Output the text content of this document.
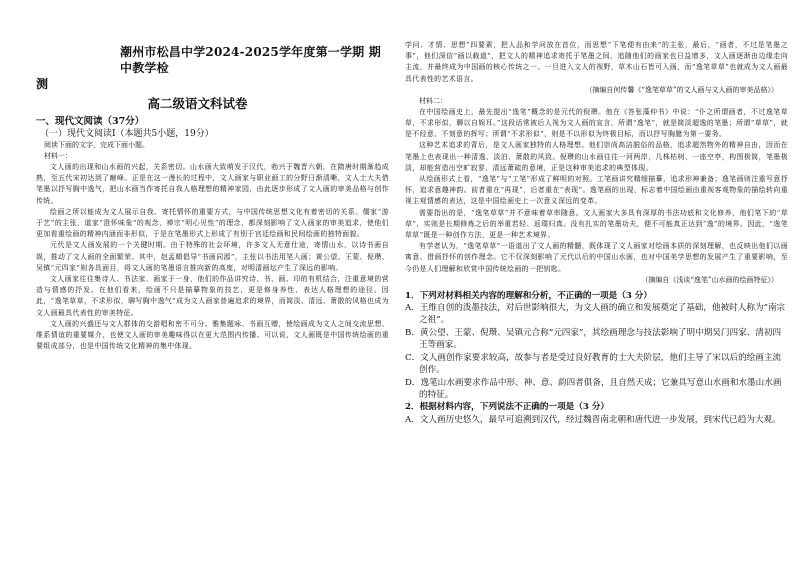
潮州市松昌中学2024-2025学年度第一学期 期中教学检
测
高二级语文科试卷
一、现代文阅读（37分）
（一）现代文阅读Ⅰ（本题共5小题，19分）
阅读下面的文字，完成下面小题。
材料一：
文人画的出现和山水画的兴起，关系密切。山水画大致萌发于汉代，勃兴于魏晋六朝，在隋唐时期渐趋成熟，至五代宋初达到了巅峰。正是在这一漫长的过程中，文人画家与职业画工的分野日渐清晰，文人士大夫借笔墨以抒写胸中逸气，把山水画当作寄托自我人格理想的精神家园，由此逐步形成了文人画的审美品格与创作传统。
绘画之所以能成为文人展示自我、寄托情怀的重要方式，与中国传统思想文化有着密切的关系。儒家“游于艺”的主张，道家“澄怀味象”的观念，禅宗“明心见性”的理念，都深刻影响了文人画家的审美追求，使他们更加看重绘画的精神内涵而非形似，于是在笔墨形式上形成了有别于宫廷绘画和民间绘画的独特面貌。
元代是文人画发展的一个关键时期。由于特殊的社会环境，许多文人无意仕途，寄情山水，以诗书画自娱，推动了文人画的全面繁荣。其中，赵孟頫倡导“书画同源”，主张以书法用笔入画；黄公望、王蒙、倪瓒、吴镇“元四家”则各具面目，将文人画的笔墨语言推向新的高度，对明清画坛产生了深远的影响。
文人画家往往集诗人、书法家、画家于一身，他们的作品讲究诗、书、画、印的有机结合，注重意境的营造与情感的抒发。在他们看来，绘画不只是描摹物象的技艺，更是修身养性、表达人格理想的途径。因此，“逸笔草草，不求形似，聊写胸中逸气”成为文人画家普遍追求的境界，而简淡、清远、萧散的风格也成为文人画最具代表性的审美特征。
文人画的兴盛还与文人群体的交游唱和密不可分。雅集题咏、书画互赠，使绘画成为文人之间交流思想、维系情谊的重要媒介，也使文人画的审美趣味得以在更大范围内传播。可以说，文人画既是中国传统绘画的重要组成部分，也是中国传统文化精神的集中体现。
学问、才情、思想”四要素，把人品和学问放在首位，而思想“下笔便有由来”的主张，最后，“画者，不过是笔墨之事”，他们深信“画以载道”，把文人的精神追求寄托于笔墨之间，追随他们的画家也日益增多，文人画逐渐由边缘走向主流，并最终成为中国画的核心传统之一。一旦进入文人的视野，草木山石皆可入画，而“逸笔草草”也就成为文人画最具代表性的艺术语言。
（摘编自何传馨《“逸笔草草”的文人画与文人画的审美品格》）
材料二：
在中国绘画史上，最先提出“逸笔”概念的是元代的倪瓒。他在《答张藻仲书》中说：“仆之所谓画者，不过逸笔草草，不求形似，聊以自娱耳。”这段话常被后人视为文人画的宣言，所谓“逸笔”，就是简淡超逸的笔墨；所谓“草草”，就是不经意、不刻意的挥写；所谓“不求形似”，则是不以形似为终极目标，而以抒写胸臆为第一要务。
这种艺术追求的背后，是文人画家独特的人格理想。他们崇尚高洁脱俗的品格，追求超然物外的精神自由，因而在笔墨上也表现出一种清逸、淡泊、萧散的风致。倪瓒的山水画往往一河两岸，几株枯树，一座空亭，构图极简，笔墨极淡，却能营造出空旷寂寥、清远萧疏的意境，正是这种审美追求的典型体现。
从绘画形式上看，“逸笔”与“工笔”形成了鲜明的对照。工笔画讲究精细描摹，追求形神兼备；逸笔画则注重写意抒怀，追求意趣神韵。前者重在“再现”，后者重在“表现”。逸笔画的出现，标志着中国绘画由重视客观物象的描绘转向重视主观情感的表达，这是中国绘画史上一次意义深远的变革。
需要指出的是，“逸笔草草”并不意味着草率随意。文人画家大多具有深厚的书法功底和文化修养，他们笔下的“草草”，实则是长期修炼之后的举重若轻、返璞归真。没有扎实的笔墨功夫，便不可能真正达到“逸”的境界。因此，“逸笔草草”既是一种创作方法，更是一种艺术境界。
有学者认为，“逸笔草草”一语道出了文人画的精髓，既体现了文人画家对绘画本质的深刻理解，也反映出他们以画寓意、借画抒怀的创作理念。它不仅深刻影响了元代以后的中国山水画，也对中国美学思想的发展产生了重要影响，至今仍是人们理解和欣赏中国传统绘画的一把钥匙。
（摘编自《浅谈“逸笔”山水画的绘画特征》）
1．下列对材料相关内容的理解和分析，不正确的一项是（3 分）
A．王维自创的泼墨技法，对后世影响很大，为文人画的确立和发展奠定了基础，他被时人称为“南宗之祖”。
B．黄公望、王蒙、倪瓒、吴镇元合称“元四家”，其绘画理念与技法影响了明中期吴门四家、清初四王等画家。
C．文人画创作家要求较高，故参与者是受过良好教育的士大夫阶层，他们主导了宋以后的绘画主流创作。
D．逸笔山水画要求作品中形、神、意、韵四者俱备，且自然天成；它兼具写意山水画和水墨山水画的特征。
2．根据材料内容，下列说法不正确的一项是（3 分）
A．文人画历史悠久，最早可追溯到汉代，经过魏晋南北朝和唐代进一步发展，到宋代已趋为大观。
